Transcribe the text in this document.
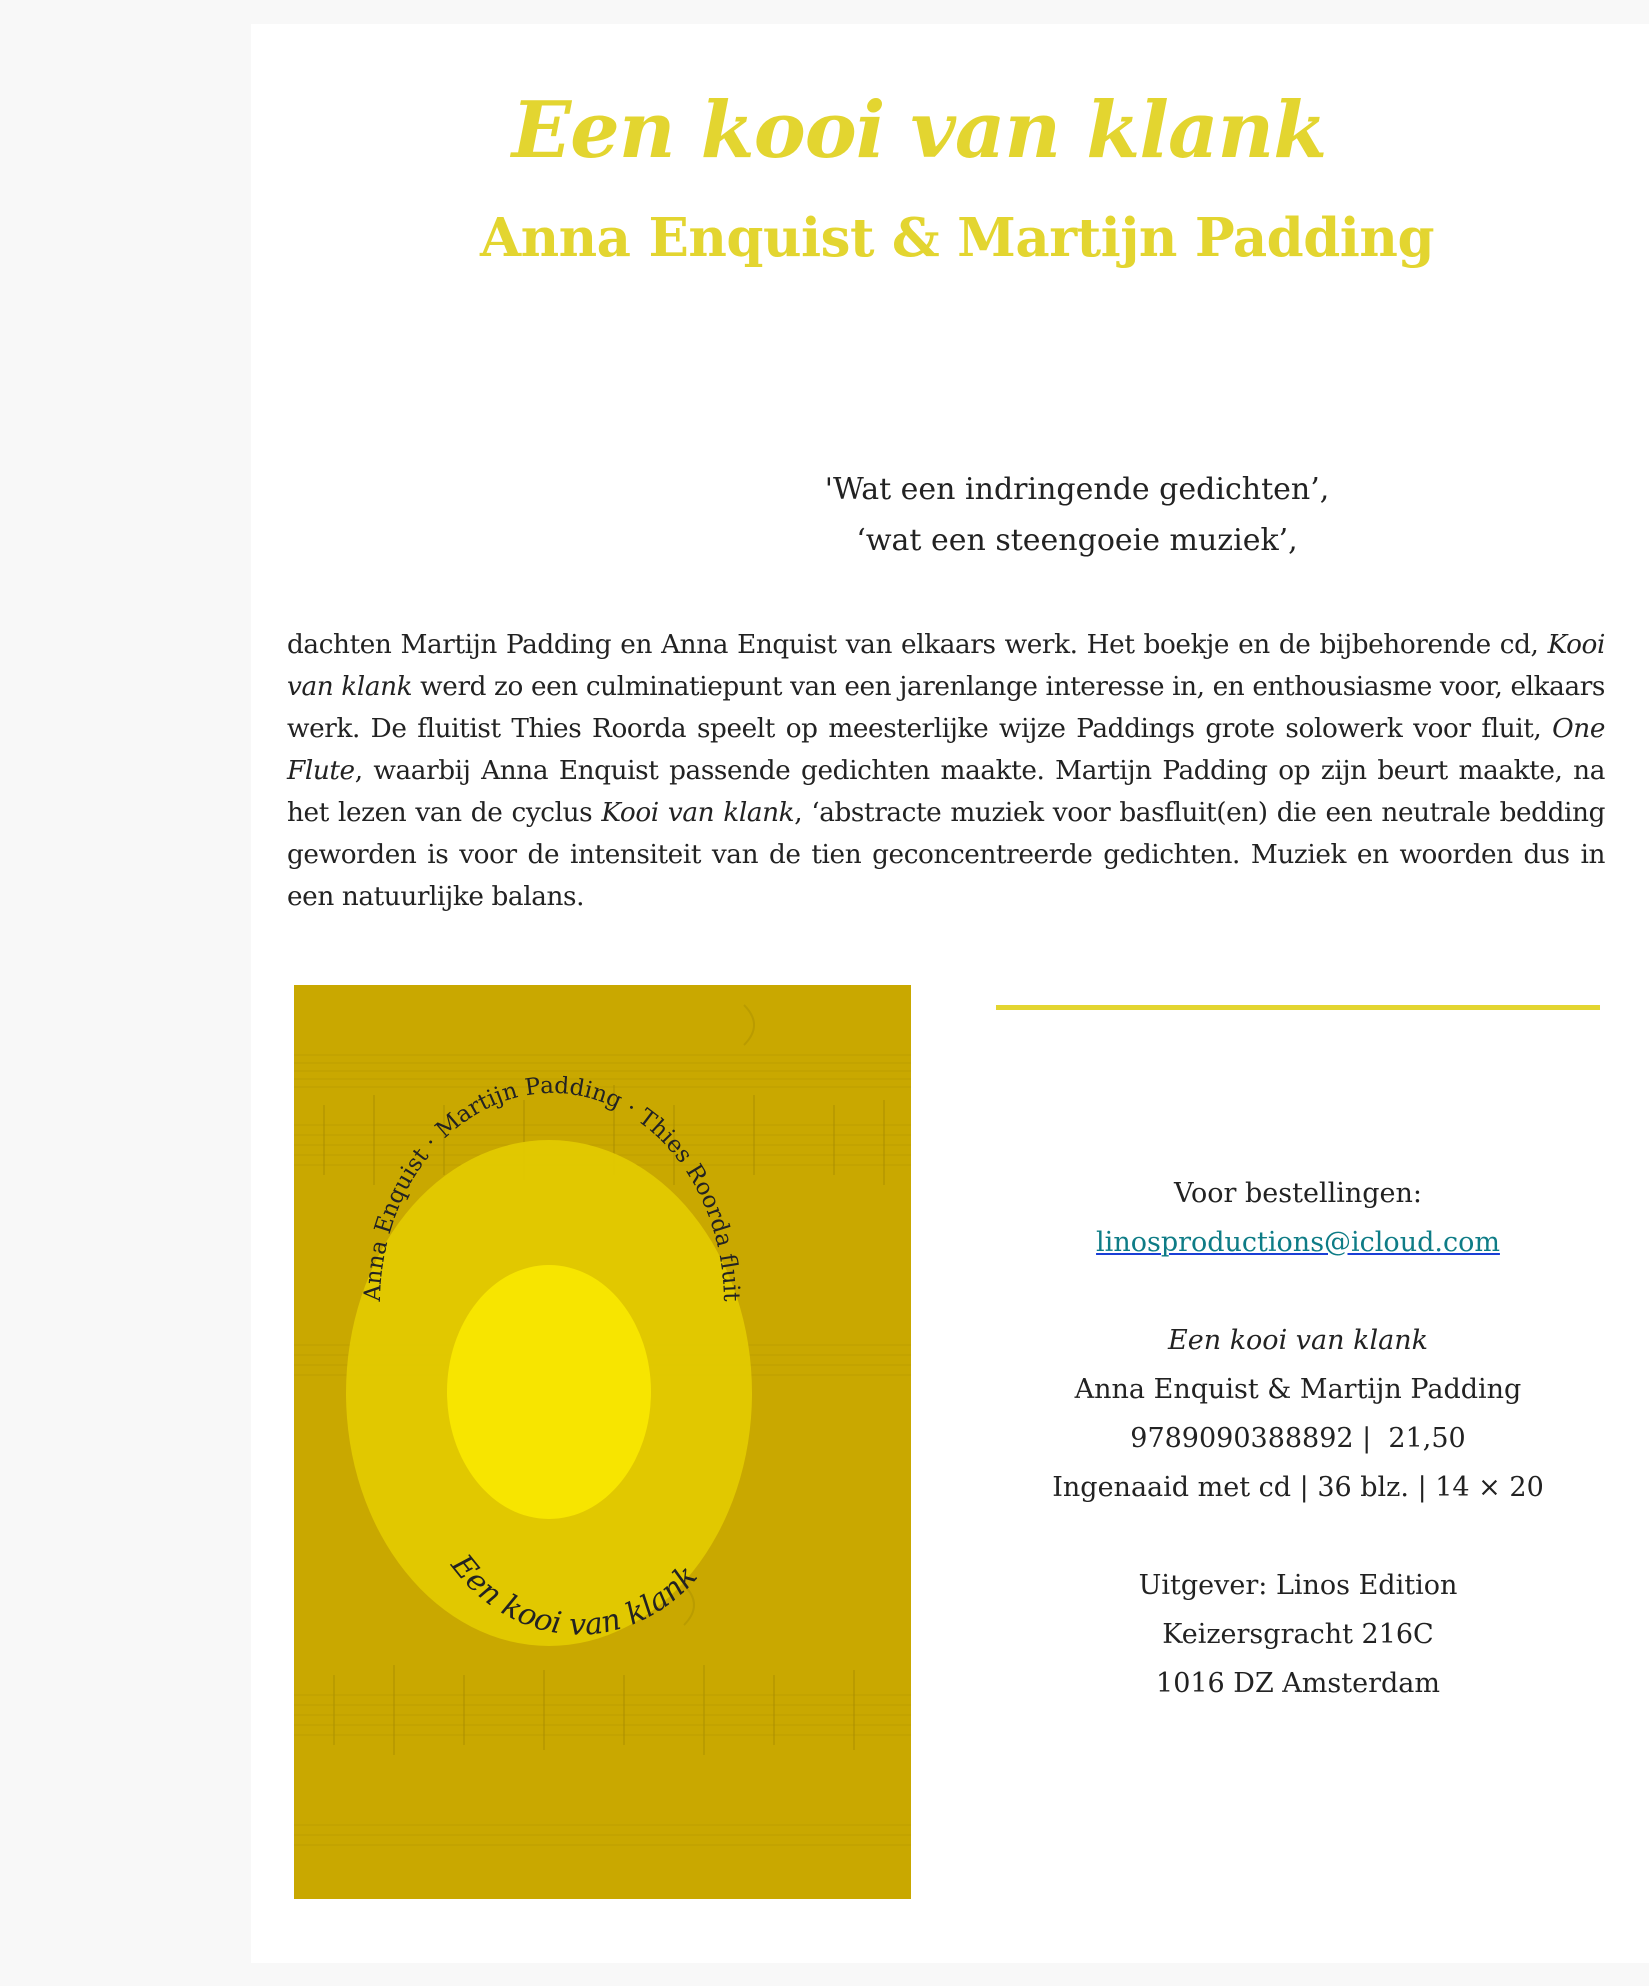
Een kooi van klank
Anna Enquist & Martijn Padding
'Wat een indringende gedichten’,
‘wat een steengoeie muziek’,

dachten Martijn Padding en Anna Enquist van elkaars werk. Het boekje en de bijbehorende cd, Kooi van klank werd zo een culminatiepunt van een jarenlange interesse in, en enthousiasme voor, elkaars werk. De fluitist Thies Roorda speelt op meesterlijke wijze Paddings grote solowerk voor fluit, One Flute, waarbij Anna Enquist passende gedichten maakte. Martijn Padding op zijn beurt maakte, na het lezen van de cyclus Kooi van klank, ‘abstracte muziek voor basfluit(en) die een neutrale bedding geworden is voor de intensiteit van de tien geconcentreerde gedichten. Muziek en woorden dus in een natuurlijke balans.

Anna Enquist · Martijn Padding · Thies Roorda fluit
Een kooi van klank
Voor bestellingen:
linosproductions@icloud.com
Een kooi van klank
Anna Enquist & Martijn Padding
9789090388892 |  21,50
Ingenaaid met cd | 36 blz. | 14 × 20
Uitgever: Linos Edition
Keizersgracht 216C
1016 DZ Amsterdam
